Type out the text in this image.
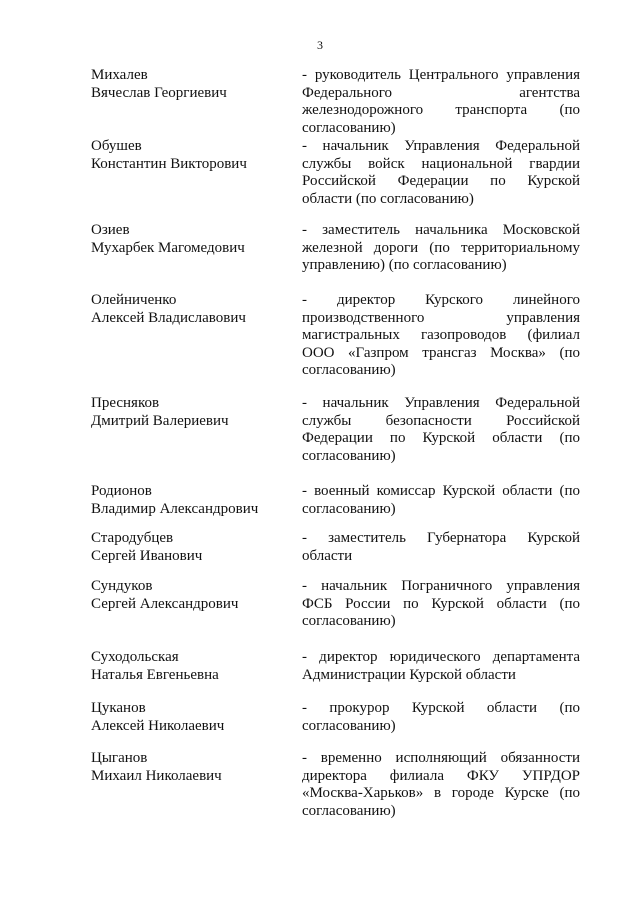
3
Михалев
Вячеслав Георгиевич
- руководитель Центрального управления
Федерального агентства
железнодорожного транспорта (по
согласованию)
Обушев
Константин Викторович
- начальник Управления Федеральной
службы войск национальной гвардии
Российской Федерации по Курской
области (по согласованию)
Озиев
Мухарбек Магомедович
- заместитель начальника Московской
железной дороги (по территориальному
управлению) (по согласованию)
Олейниченко
Алексей Владиславович
- директор Курского линейного
производственного управления
магистральных газопроводов (филиал
ООО «Газпром трансгаз Москва» (по
согласованию)
Пресняков
Дмитрий Валериевич
- начальник Управления Федеральной
службы безопасности Российской
Федерации по Курской области (по
согласованию)
Родионов
Владимир Александрович
- военный комиссар Курской области (по
согласованию)
Стародубцев
Сергей Иванович
- заместитель Губернатора Курской
области
Сундуков
Сергей Александрович
- начальник Пограничного управления
ФСБ России по Курской области (по
согласованию)
Суходольская
Наталья Евгеньевна
- директор юридического департамента
Администрации Курской области
Цуканов
Алексей Николаевич
- прокурор Курской области (по
согласованию)
Цыганов
Михаил Николаевич
- временно исполняющий обязанности
директора филиала ФКУ УПРДОР
«Москва-Харьков» в городе Курске (по
согласованию)
